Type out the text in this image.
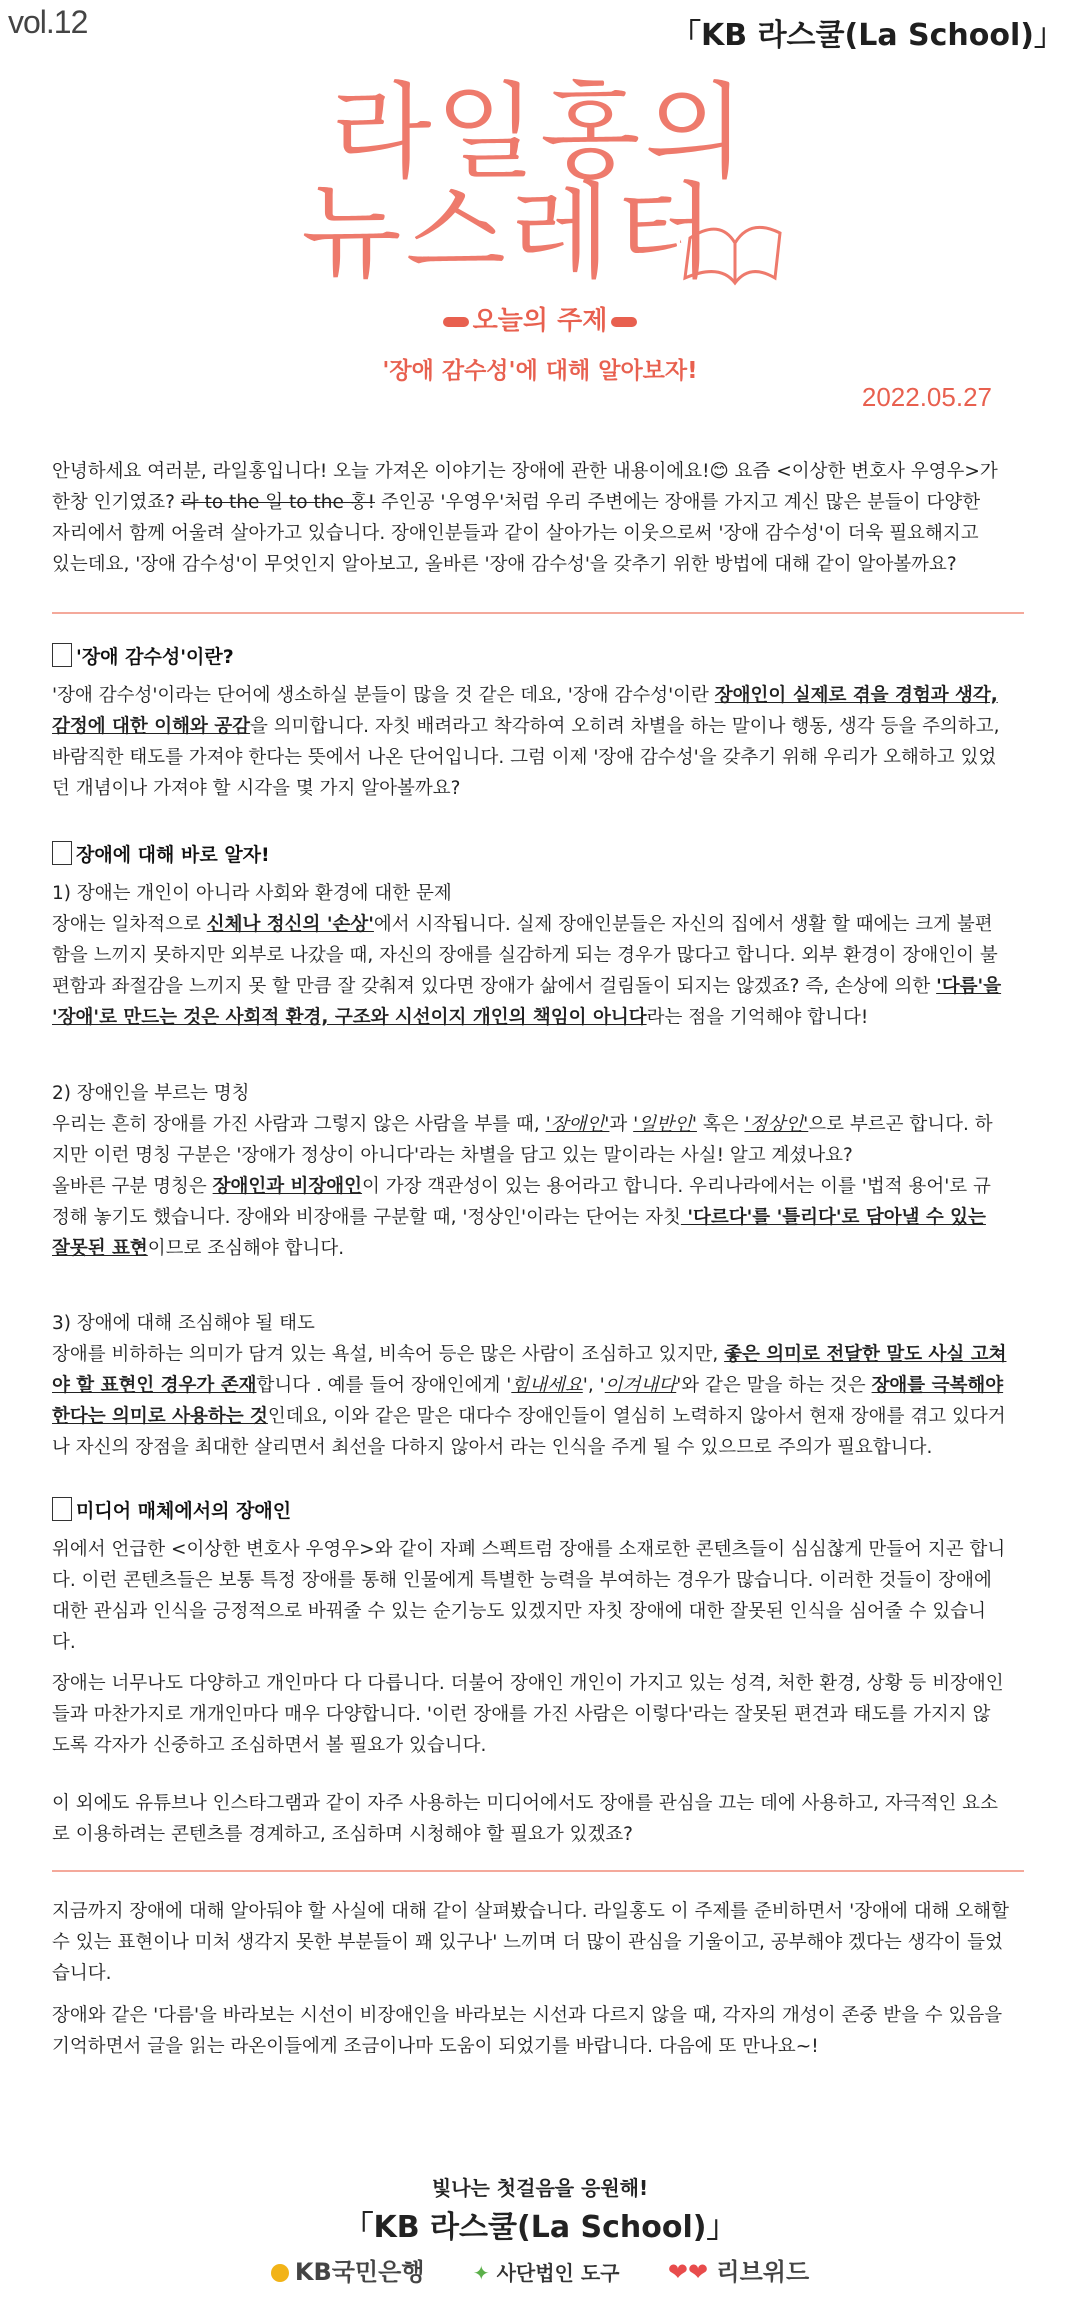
vol.12	「KB 라스쿨(La School)」
라일홍의
뉴스레터
오늘의 주제
'장애 감수성'에 대해 알아보자!
2022.05.27
안녕하세요 여러분, 라일홍입니다! 오늘 가져온 이야기는 장애에 관한 내용이에요!😊 요즘 <이상한 변호사 우영우>가
한창 인기였죠? 라 to the 일 to the 홍! 주인공 '우영우'처럼 우리 주변에는 장애를 가지고 계신 많은 분들이 다양한
자리에서 함께 어울려 살아가고 있습니다. 장애인분들과 같이 살아가는 이웃으로써 '장애 감수성'이 더욱 필요해지고
있는데요, '장애 감수성'이 무엇인지 알아보고, 올바른 '장애 감수성'을 갖추기 위한 방법에 대해 같이 알아볼까요?
'장애 감수성'이란?
'장애 감수성'이라는 단어에 생소하실 분들이 많을 것 같은 데요, '장애 감수성'이란 장애인이 실제로 겪을 경험과 생각,
감정에 대한 이해와 공감을 의미합니다. 자칫 배려라고 착각하여 오히려 차별을 하는 말이나 행동, 생각 등을 주의하고,
바람직한 태도를 가져야 한다는 뜻에서 나온 단어입니다. 그럼 이제 '장애 감수성'을 갖추기 위해 우리가 오해하고 있었
던 개념이나 가져야 할 시각을 몇 가지 알아볼까요?
장애에 대해 바로 알자!
1) 장애는 개인이 아니라 사회와 환경에 대한 문제
장애는 일차적으로 신체나 정신의 '손상'에서 시작됩니다. 실제 장애인분들은 자신의 집에서 생활 할 때에는 크게 불편
함을 느끼지 못하지만 외부로 나갔을 때, 자신의 장애를 실감하게 되는 경우가 많다고 합니다. 외부 환경이 장애인이 불
편함과 좌절감을 느끼지 못 할 만큼 잘 갖춰져 있다면 장애가 삶에서 걸림돌이 되지는 않겠죠? 즉, 손상에 의한 '다름'을
'장애'로 만드는 것은 사회적 환경, 구조와 시선이지 개인의 책임이 아니다라는 점을 기억해야 합니다!
2) 장애인을 부르는 명칭
우리는 흔히 장애를 가진 사람과 그렇지 않은 사람을 부를 때, '장애인'과 '일반인' 혹은 '정상인'으로 부르곤 합니다. 하
지만 이런 명칭 구분은 '장애가 정상이 아니다'라는 차별을 담고 있는 말이라는 사실! 알고 계셨나요?
올바른 구분 명칭은 장애인과 비장애인이 가장 객관성이 있는 용어라고 합니다. 우리나라에서는 이를 '법적 용어'로 규
정해 놓기도 했습니다. 장애와 비장애를 구분할 때, '정상인'이라는 단어는 자칫 '다르다'를 '틀리다'로 담아낼 수 있는
잘못된 표현이므로 조심해야 합니다.
3) 장애에 대해 조심해야 될 태도
장애를 비하하는 의미가 담겨 있는 욕설, 비속어 등은 많은 사람이 조심하고 있지만, 좋은 의미로 전달한 말도 사실 고쳐
야 할 표현인 경우가 존재합니다 . 예를 들어 장애인에게 '힘내세요', '이겨내다'와 같은 말을 하는 것은 장애를 극복해야
한다는 의미로 사용하는 것인데요, 이와 같은 말은 대다수 장애인들이 열심히 노력하지 않아서 현재 장애를 겪고 있다거
나 자신의 장점을 최대한 살리면서 최선을 다하지 않아서 라는 인식을 주게 될 수 있으므로 주의가 필요합니다.
미디어 매체에서의 장애인
위에서 언급한 <이상한 변호사 우영우>와 같이 자폐 스펙트럼 장애를 소재로한 콘텐츠들이 심심찮게 만들어 지곤 합니
다. 이런 콘텐츠들은 보통 특정 장애를 통해 인물에게 특별한 능력을 부여하는 경우가 많습니다. 이러한 것들이 장애에
대한 관심과 인식을 긍정적으로 바꿔줄 수 있는 순기능도 있겠지만 자칫 장애에 대한 잘못된 인식을 심어줄 수 있습니
다.
장애는 너무나도 다양하고 개인마다 다 다릅니다. 더불어 장애인 개인이 가지고 있는 성격, 처한 환경, 상황 등 비장애인
들과 마찬가지로 개개인마다 매우 다양합니다. '이런 장애를 가진 사람은 이렇다'라는 잘못된 편견과 태도를 가지지 않
도록 각자가 신중하고 조심하면서 볼 필요가 있습니다.
이 외에도 유튜브나 인스타그램과 같이 자주 사용하는 미디어에서도 장애를 관심을 끄는 데에 사용하고, 자극적인 요소
로 이용하려는 콘텐츠를 경계하고, 조심하며 시청해야 할 필요가 있겠죠?
지금까지 장애에 대해 알아둬야 할 사실에 대해 같이 살펴봤습니다. 라일홍도 이 주제를 준비하면서 '장애에 대해 오해할
수 있는 표현이나 미처 생각지 못한 부분들이 꽤 있구나' 느끼며 더 많이 관심을 기울이고, 공부해야 겠다는 생각이 들었
습니다.
장애와 같은 '다름'을 바라보는 시선이 비장애인을 바라보는 시선과 다르지 않을 때, 각자의 개성이 존중 받을 수 있음을
기억하면서 글을 읽는 라온이들에게 조금이나마 도움이 되었기를 바랍니다. 다음에 또 만나요~!
빛나는 첫걸음을 응원해!
「KB 라스쿨(La School)」
KB국민은행 ✦ 사단법인 도구 ❤❤ 리브위드
